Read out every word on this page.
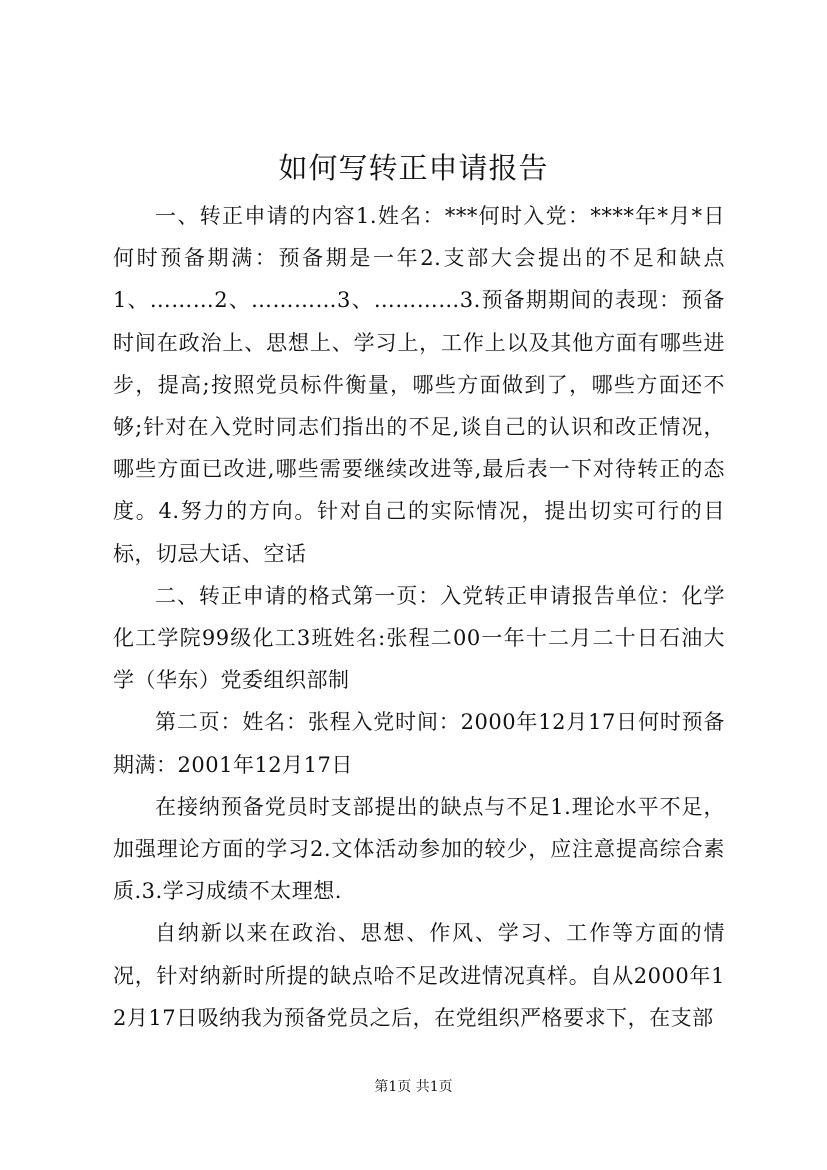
如何写转正申请报告

一、转正申请的内容1.姓名：***何时入党：****年*月*日何时预备期满：预备期是一年2.支部大会提出的不足和缺点1、………2、…………3、…………3.预备期期间的表现：预备时间在政治上、思想上、学习上，工作上以及其他方面有哪些进步，提高;按照党员标件衡量，哪些方面做到了，哪些方面还不够;针对在入党时同志们指出的不足,谈自己的认识和改正情况，哪些方面已改进,哪些需要继续改进等,最后表一下对待转正的态度。4.努力的方向。针对自己的实际情况，提出切实可行的目标，切忌大话、空话

二、转正申请的格式第一页：入党转正申请报告单位：化学化工学院99级化工3班姓名:张程二00一年十二月二十日石油大学（华东）党委组织部制

第二页：姓名：张程入党时间：2000年12月17日何时预备期满：2001年12月17日

在接纳预备党员时支部提出的缺点与不足1.理论水平不足，加强理论方面的学习2.文体活动参加的较少，应注意提高综合素质.3.学习成绩不太理想.

自纳新以来在政治、思想、作风、学习、工作等方面的情况，针对纳新时所提的缺点哈不足改进情况真样。自从2000年12月17日吸纳我为预备党员之后，在党组织严格要求下，在支部

第1页 共1页
